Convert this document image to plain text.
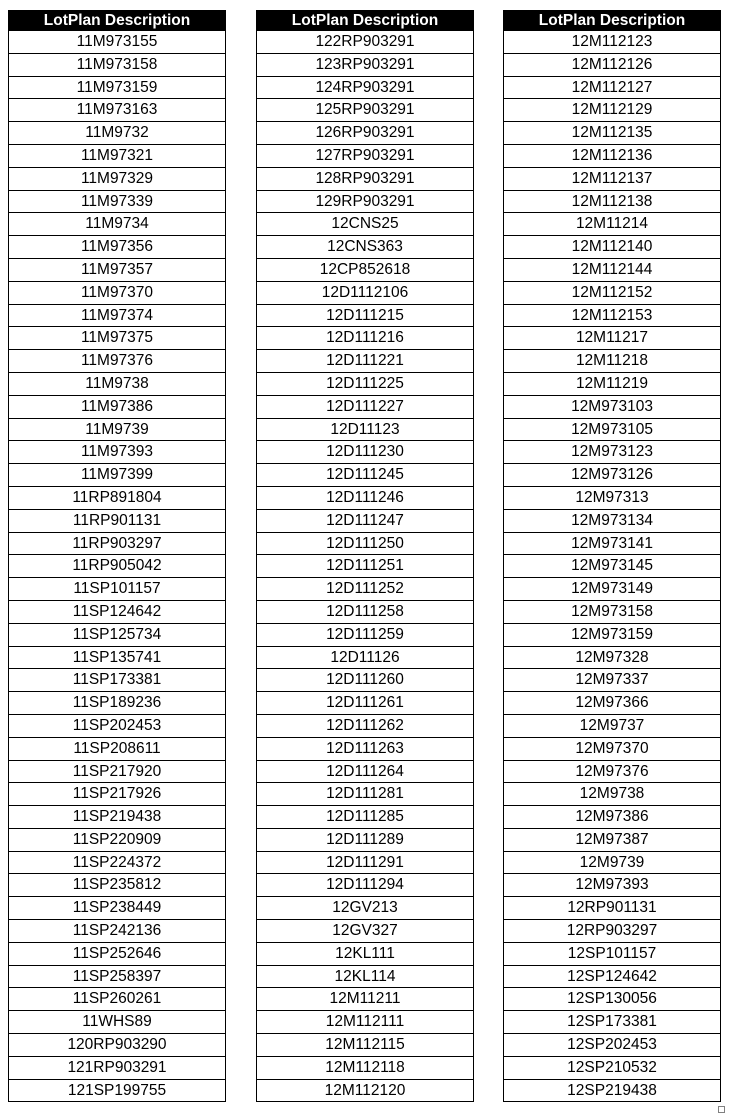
LotPlan Description
11M973155
11M973158
11M973159
11M973163
11M9732
11M97321
11M97329
11M97339
11M9734
11M97356
11M97357
11M97370
11M97374
11M97375
11M97376
11M9738
11M97386
11M9739
11M97393
11M97399
11RP891804
11RP901131
11RP903297
11RP905042
11SP101157
11SP124642
11SP125734
11SP135741
11SP173381
11SP189236
11SP202453
11SP208611
11SP217920
11SP217926
11SP219438
11SP220909
11SP224372
11SP235812
11SP238449
11SP242136
11SP252646
11SP258397
11SP260261
11WHS89
120RP903290
121RP903291
121SP199755
LotPlan Description
122RP903291
123RP903291
124RP903291
125RP903291
126RP903291
127RP903291
128RP903291
129RP903291
12CNS25
12CNS363
12CP852618
12D1112106
12D111215
12D111216
12D111221
12D111225
12D111227
12D11123
12D111230
12D111245
12D111246
12D111247
12D111250
12D111251
12D111252
12D111258
12D111259
12D11126
12D111260
12D111261
12D111262
12D111263
12D111264
12D111281
12D111285
12D111289
12D111291
12D111294
12GV213
12GV327
12KL111
12KL114
12M11211
12M112111
12M112115
12M112118
12M112120
LotPlan Description
12M112123
12M112126
12M112127
12M112129
12M112135
12M112136
12M112137
12M112138
12M11214
12M112140
12M112144
12M112152
12M112153
12M11217
12M11218
12M11219
12M973103
12M973105
12M973123
12M973126
12M97313
12M973134
12M973141
12M973145
12M973149
12M973158
12M973159
12M97328
12M97337
12M97366
12M9737
12M97370
12M97376
12M9738
12M97386
12M97387
12M9739
12M97393
12RP901131
12RP903297
12SP101157
12SP124642
12SP130056
12SP173381
12SP202453
12SP210532
12SP219438
